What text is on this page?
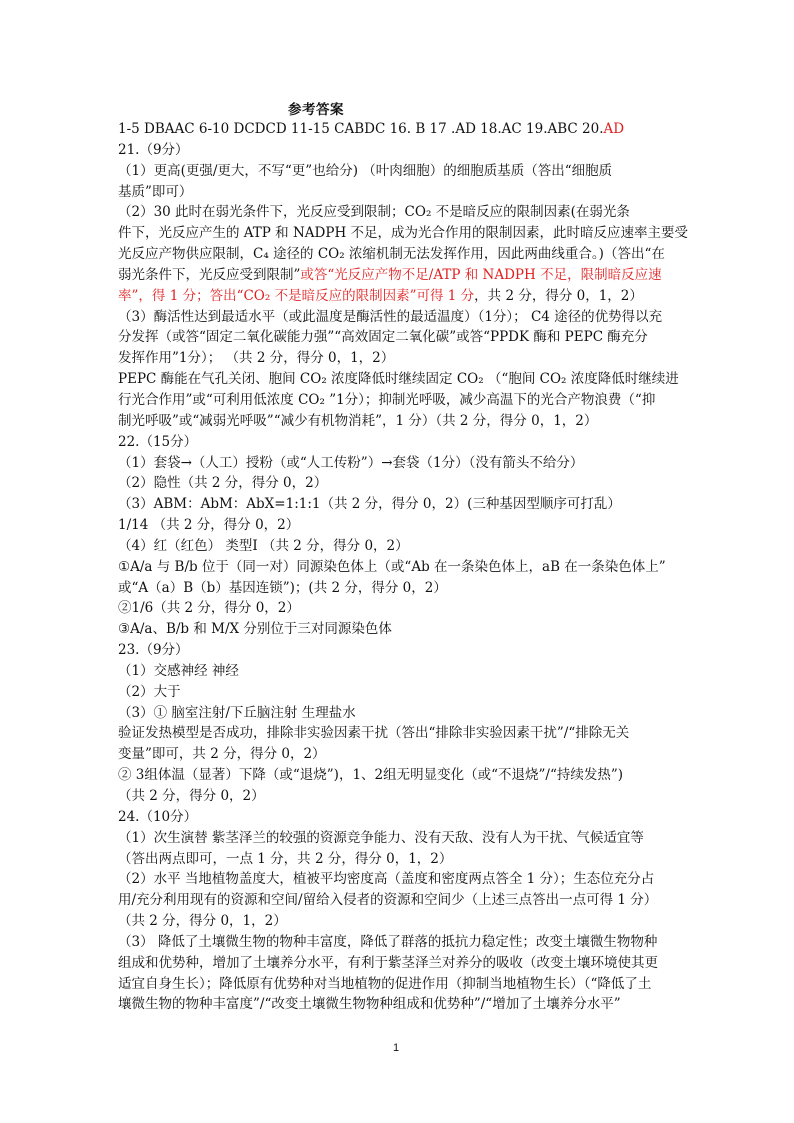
参考答案
1-5 DBAAC 6-10 DCDCD 11-15 CABDC 16. B 17 .AD 18.AC 19.ABC 20.AD
21.（9分）
（1）更高(更强/更大，不写“更”也给分) （叶肉细胞）的细胞质基质（答出“细胞质
基质”即可）
（2）30 此时在弱光条件下，光反应受到限制；CO₂ 不是暗反应的限制因素(在弱光条
件下，光反应产生的 ATP 和 NADPH 不足，成为光合作用的限制因素，此时暗反应速率主要受
光反应产物供应限制，C₄ 途径的 CO₂ 浓缩机制无法发挥作用，因此两曲线重合。)（答出“在
弱光条件下，光反应受到限制”或答“光反应产物不足/ATP 和 NADPH 不足，限制暗反应速
率”，得 1 分；答出“CO₂ 不是暗反应的限制因素”可得 1 分，共 2 分，得分 0，1，2）
（3）酶活性达到最适水平（或此温度是酶活性的最适温度）（1分）； C4 途径的优势得以充
分发挥（或答“固定二氧化碳能力强”“高效固定二氧化碳”或答“PPDK 酶和 PEPC 酶充分
发挥作用”1分）； （共 2 分，得分 0，1，2）
PEPC 酶能在气孔关闭、胞间 CO₂ 浓度降低时继续固定 CO₂ （“胞间 CO₂ 浓度降低时继续进
行光合作用”或“可利用低浓度 CO₂ ”1分）；抑制光呼吸，减少高温下的光合产物浪费（“抑
制光呼吸”或“减弱光呼吸”“减少有机物消耗”，1 分）（共 2 分，得分 0，1，2）
22.（15分）
（1）套袋→（人工）授粉（或“人工传粉”）→套袋（1分）（没有箭头不给分）
（2）隐性（共 2 分，得分 0，2）
（3）ABM：AbM：AbX=1:1:1（共 2 分，得分 0，2）(三种基因型顺序可打乱）
1/14 （共 2 分，得分 0，2）
（4）红（红色） 类型Ⅰ （共 2 分，得分 0，2）
①A/a 与 B/b 位于（同一对）同源染色体上（或“Ab 在一条染色体上，aB 在一条染色体上”
或“A（a）B（b）基因连锁”)；(共 2 分，得分 0，2）
②1/6（共 2 分，得分 0，2）
③A/a、B/b 和 M/X 分别位于三对同源染色体
23.（9分）
（1）交感神经 神经
（2）大于
（3）① 脑室注射/下丘脑注射 生理盐水
验证发热模型是否成功，排除非实验因素干扰（答出“排除非实验因素干扰”/“排除无关
变量”即可，共 2 分，得分 0，2）
② 3组体温（显著）下降（或“退烧”)，1、2组无明显变化（或“不退烧”/“持续发热”)
（共 2 分，得分 0，2）
24.（10分）
（1）次生演替 紫茎泽兰的较强的资源竞争能力、没有天敌、没有人为干扰、气候适宜等
（答出两点即可，一点 1 分，共 2 分，得分 0，1，2）
（2）水平 当地植物盖度大，植被平均密度高（盖度和密度两点答全 1 分）；生态位充分占
用/充分利用现有的资源和空间/留给入侵者的资源和空间少（上述三点答出一点可得 1 分）
（共 2 分，得分 0，1，2）
（3） 降低了土壤微生物的物种丰富度，降低了群落的抵抗力稳定性；改变土壤微生物物种
组成和优势种，增加了土壤养分水平，有利于紫茎泽兰对养分的吸收（改变土壤环境使其更
适宜自身生长）；降低原有优势种对当地植物的促进作用（抑制当地植物生长）（“降低了土
壤微生物的物种丰富度”/“改变土壤微生物物种组成和优势种”/“增加了土壤养分水平”
1
